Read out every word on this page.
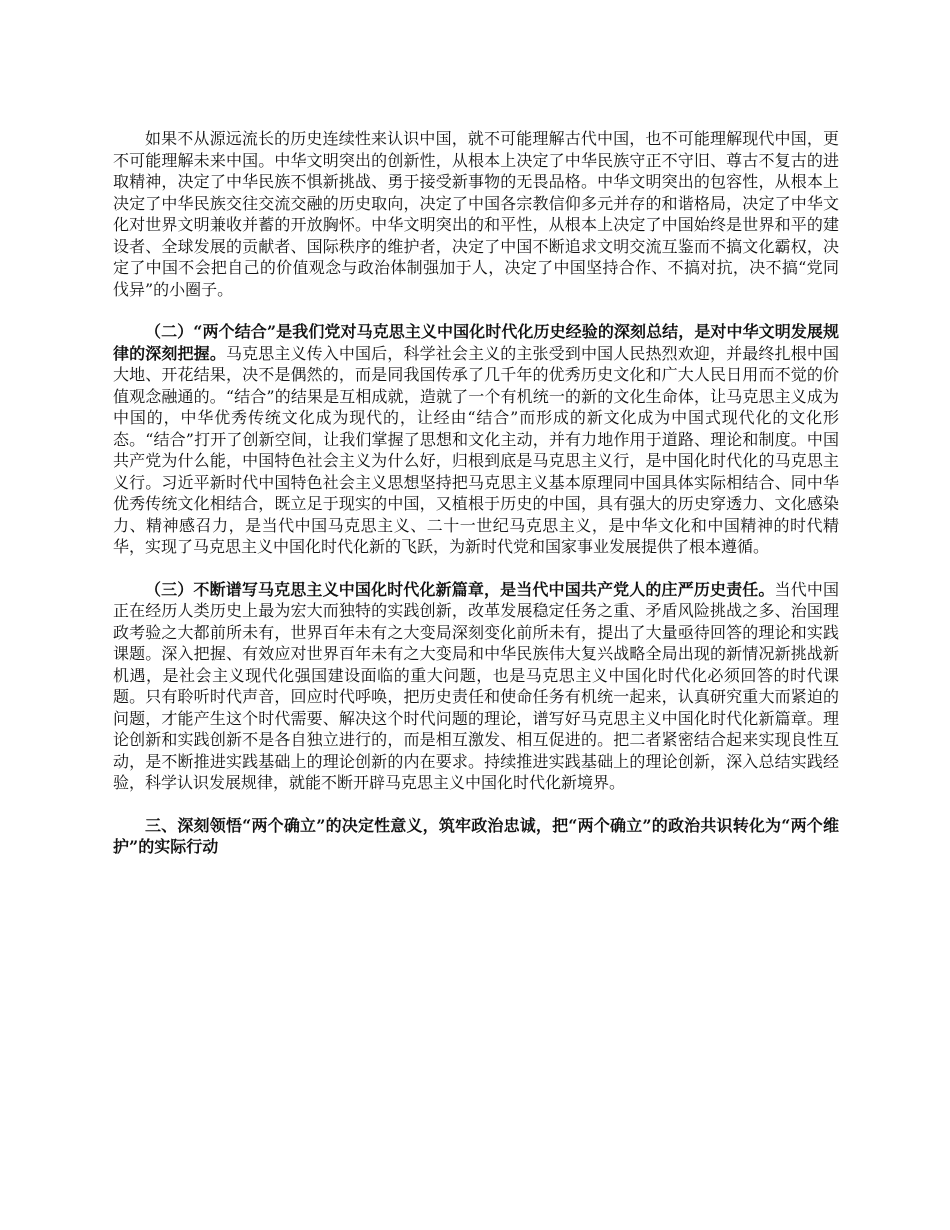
如果不从源远流长的历史连续性来认识中国，就不可能理解古代中国，也不可能理解现代中国，更不可能理解未来中国。中华文明突出的创新性，从根本上决定了中华民族守正不守旧、尊古不复古的进取精神，决定了中华民族不惧新挑战、勇于接受新事物的无畏品格。中华文明突出的包容性，从根本上决定了中华民族交往交流交融的历史取向，决定了中国各宗教信仰多元并存的和谐格局，决定了中华文化对世界文明兼收并蓄的开放胸怀。中华文明突出的和平性，从根本上决定了中国始终是世界和平的建设者、全球发展的贡献者、国际秩序的维护者，决定了中国不断追求文明交流互鉴而不搞文化霸权，决定了中国不会把自己的价值观念与政治体制强加于人，决定了中国坚持合作、不搞对抗，决不搞“党同伐异”的小圈子。

（二）“两个结合”是我们党对马克思主义中国化时代化历史经验的深刻总结，是对中华文明发展规律的深刻把握。马克思主义传入中国后，科学社会主义的主张受到中国人民热烈欢迎，并最终扎根中国大地、开花结果，决不是偶然的，而是同我国传承了几千年的优秀历史文化和广大人民日用而不觉的价值观念融通的。“结合”的结果是互相成就，造就了一个有机统一的新的文化生命体，让马克思主义成为中国的，中华优秀传统文化成为现代的，让经由“结合”而形成的新文化成为中国式现代化的文化形态。“结合”打开了创新空间，让我们掌握了思想和文化主动，并有力地作用于道路、理论和制度。中国共产党为什么能，中国特色社会主义为什么好，归根到底是马克思主义行，是中国化时代化的马克思主义行。习近平新时代中国特色社会主义思想坚持把马克思主义基本原理同中国具体实际相结合、同中华优秀传统文化相结合，既立足于现实的中国，又植根于历史的中国，具有强大的历史穿透力、文化感染力、精神感召力，是当代中国马克思主义、二十一世纪马克思主义，是中华文化和中国精神的时代精华，实现了马克思主义中国化时代化新的飞跃，为新时代党和国家事业发展提供了根本遵循。

（三）不断谱写马克思主义中国化时代化新篇章，是当代中国共产党人的庄严历史责任。当代中国正在经历人类历史上最为宏大而独特的实践创新，改革发展稳定任务之重、矛盾风险挑战之多、治国理政考验之大都前所未有，世界百年未有之大变局深刻变化前所未有，提出了大量亟待回答的理论和实践课题。深入把握、有效应对世界百年未有之大变局和中华民族伟大复兴战略全局出现的新情况新挑战新机遇，是社会主义现代化强国建设面临的重大问题，也是马克思主义中国化时代化必须回答的时代课题。只有聆听时代声音，回应时代呼唤，把历史责任和使命任务有机统一起来，认真研究重大而紧迫的问题，才能产生这个时代需要、解决这个时代问题的理论，谱写好马克思主义中国化时代化新篇章。理论创新和实践创新不是各自独立进行的，而是相互激发、相互促进的。把二者紧密结合起来实现良性互动，是不断推进实践基础上的理论创新的内在要求。持续推进实践基础上的理论创新，深入总结实践经验，科学认识发展规律，就能不断开辟马克思主义中国化时代化新境界。

三、深刻领悟“两个确立”的决定性意义，筑牢政治忠诚，把“两个确立”的政治共识转化为“两个维护”的实际行动
